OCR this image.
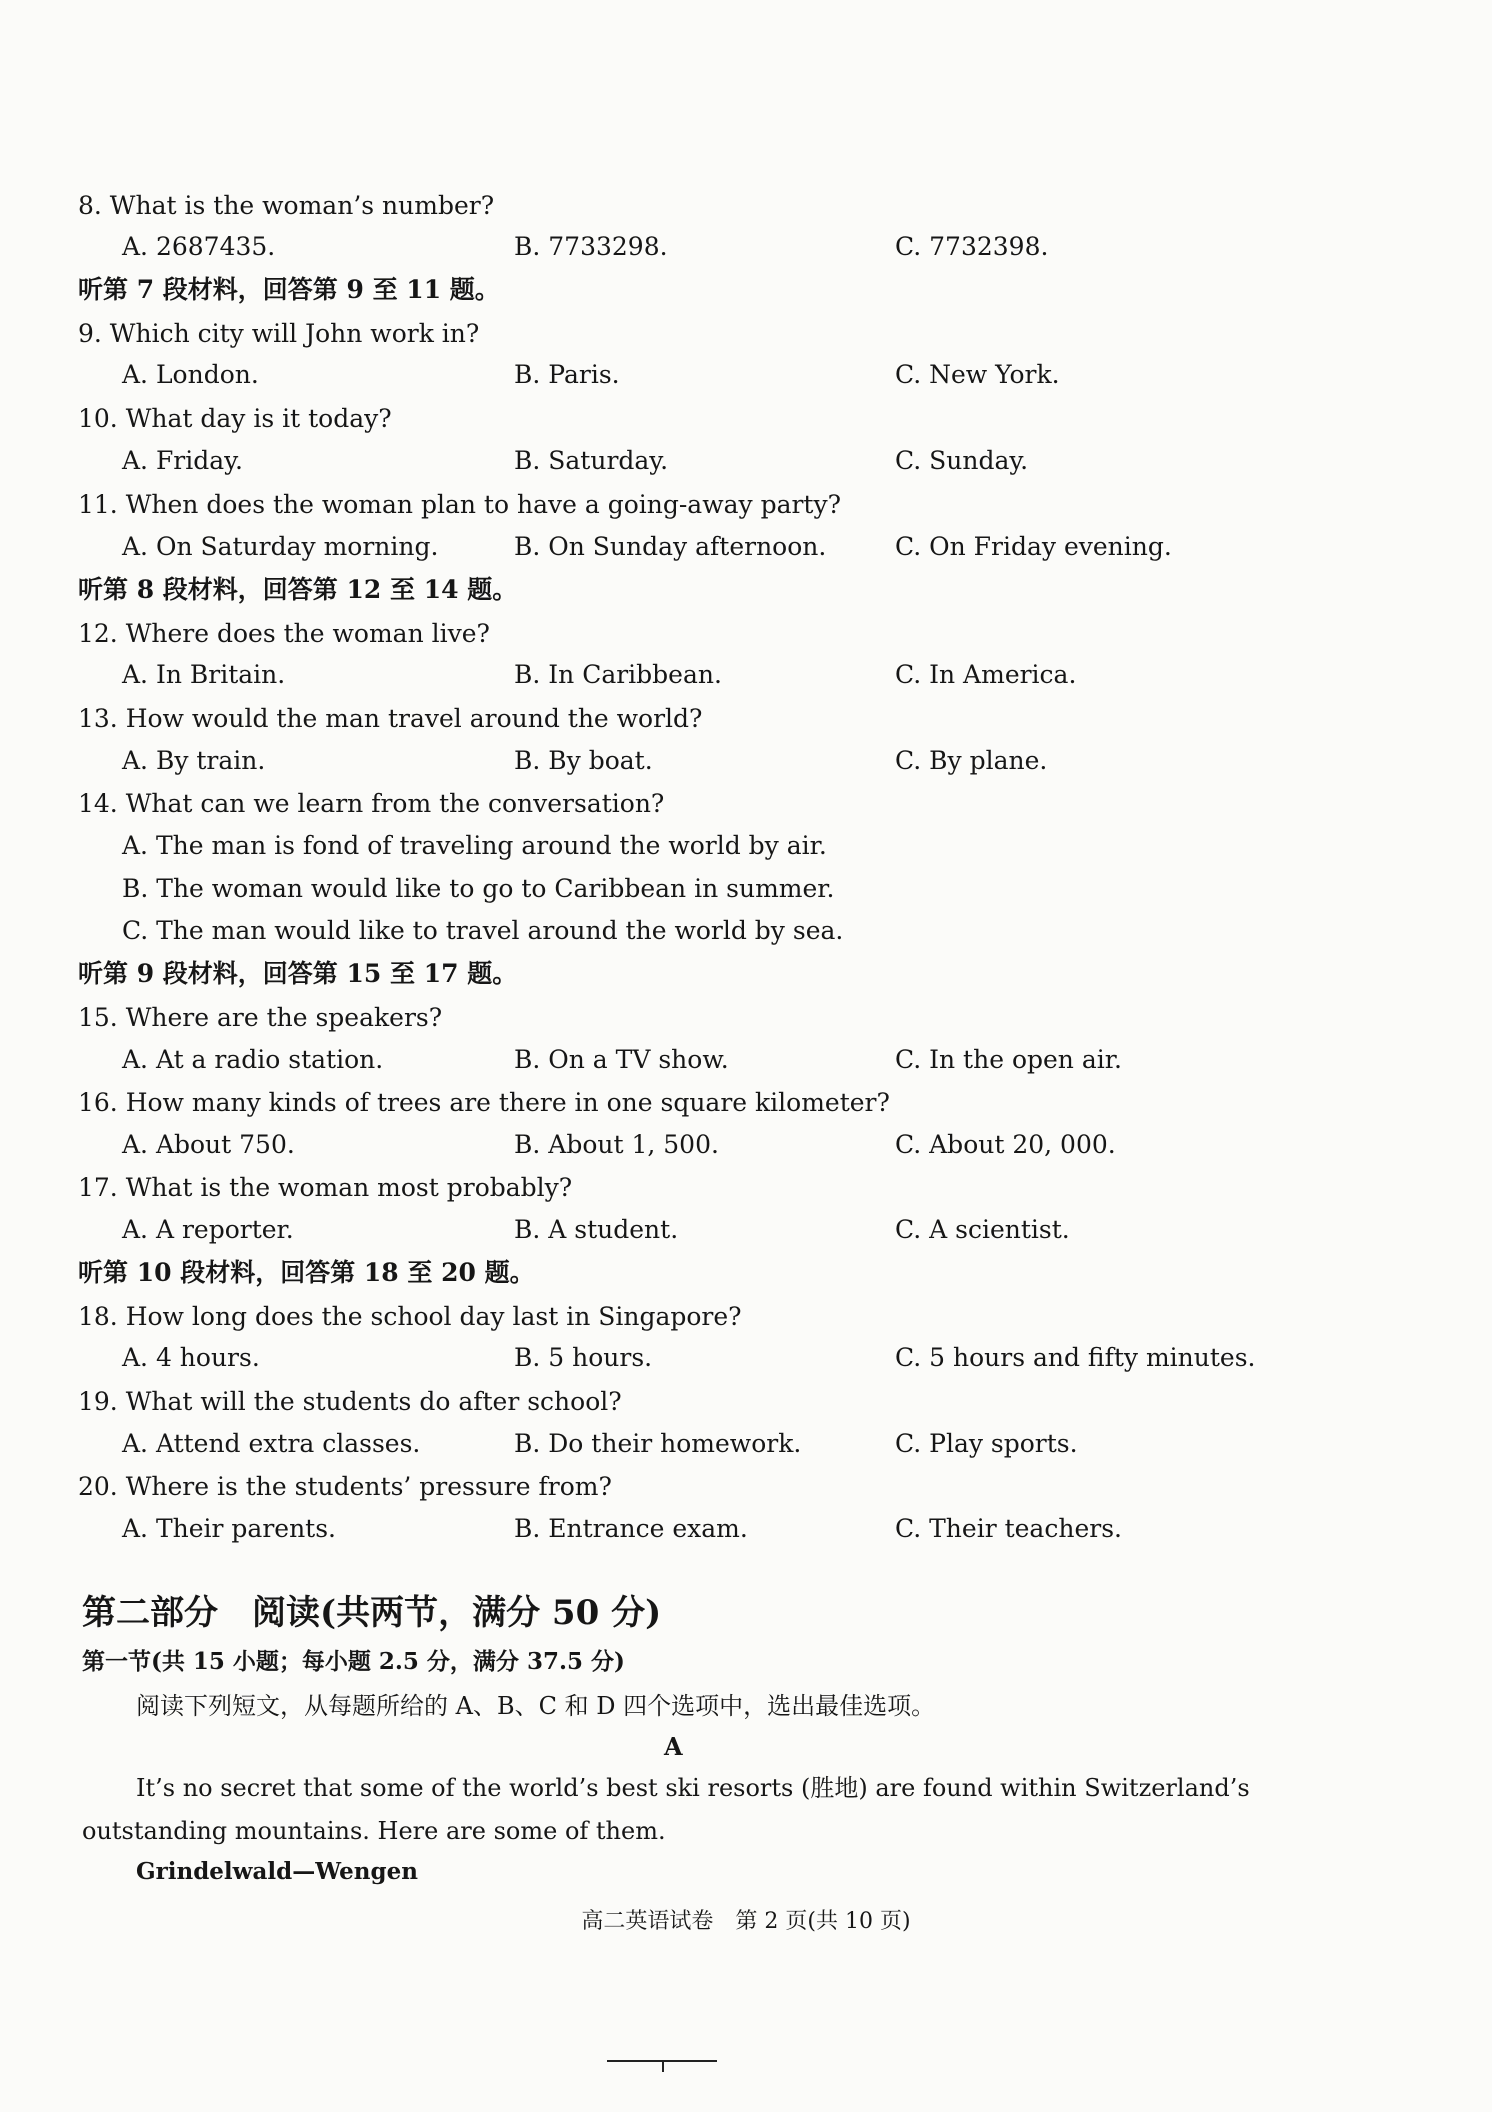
8. What is the woman’s number?
A. 2687435.	B. 7733298.	C. 7732398.
听第 7 段材料，回答第 9 至 11 题。
9. Which city will John work in?
A. London.	B. Paris.	C. New York.
10. What day is it today?
A. Friday.	B. Saturday.	C. Sunday.
11. When does the woman plan to have a going-away party?
A. On Saturday morning.	B. On Sunday afternoon.	C. On Friday evening.
听第 8 段材料，回答第 12 至 14 题。
12. Where does the woman live?
A. In Britain.	B. In Caribbean.	C. In America.
13. How would the man travel around the world?
A. By train.	B. By boat.	C. By plane.
14. What can we learn from the conversation?
A. The man is fond of traveling around the world by air.
B. The woman would like to go to Caribbean in summer.
C. The man would like to travel around the world by sea.
听第 9 段材料，回答第 15 至 17 题。
15. Where are the speakers?
A. At a radio station.	B. On a TV show.	C. In the open air.
16. How many kinds of trees are there in one square kilometer?
A. About 750.	B. About 1, 500.	C. About 20, 000.
17. What is the woman most probably?
A. A reporter.	B. A student.	C. A scientist.
听第 10 段材料，回答第 18 至 20 题。
18. How long does the school day last in Singapore?
A. 4 hours.	B. 5 hours.	C. 5 hours and fifty minutes.
19. What will the students do after school?
A. Attend extra classes.	B. Do their homework.	C. Play sports.
20. Where is the students’ pressure from?
A. Their parents.	B. Entrance exam.	C. Their teachers.
第二部分　阅读(共两节，满分 50 分)
第一节(共 15 小题；每小题 2.5 分，满分 37.5 分)
阅读下列短文，从每题所给的 A、B、C 和 D 四个选项中，选出最佳选项。
A
It’s no secret that some of the world’s best ski resorts (胜地) are found within Switzerland’s
outstanding mountains. Here are some of them.
Grindelwald—Wengen
高二英语试卷　第 2 页(共 10 页)
